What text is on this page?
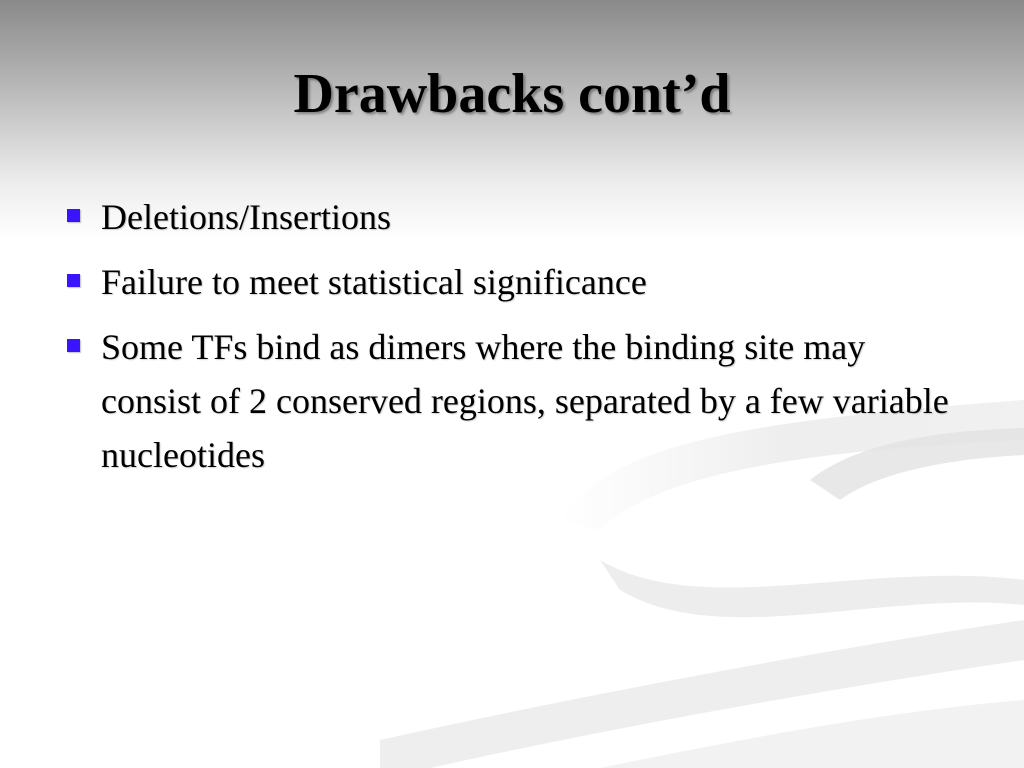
Drawbacks cont’d
Deletions/Insertions
Failure to meet statistical significance
Some TFs bind as dimers where the binding site may consist of 2 conserved regions, separated by a few variable nucleotides
